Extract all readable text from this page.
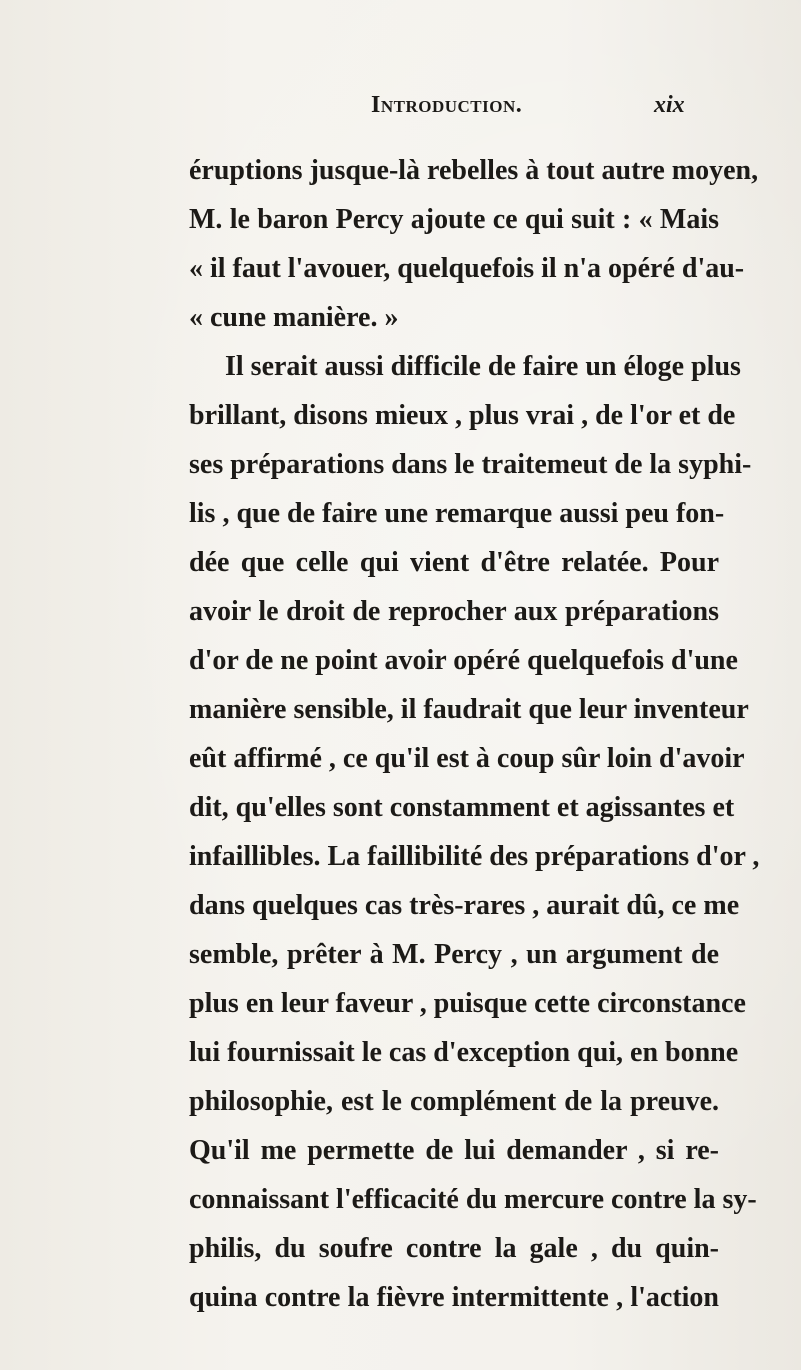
Introduction.	xix
éruptions jusque-là rebelles à tout autre moyen,
M. le baron Percy ajoute ce qui suit : « Mais
« il faut l'avouer, quelquefois il n'a opéré d'au-
« cune manière. »
Il serait aussi difficile de faire un éloge plus
brillant, disons mieux , plus vrai , de l'or et de
ses préparations dans le traitemeut de la syphi-
lis , que de faire une remarque aussi peu fon-
dée que celle qui vient d'être relatée. Pour
avoir le droit de reprocher aux préparations
d'or de ne point avoir opéré quelquefois d'une
manière sensible, il faudrait que leur inventeur
eût affirmé , ce qu'il est à coup sûr loin d'avoir
dit, qu'elles sont constamment et agissantes et
infaillibles. La faillibilité des préparations d'or ,
dans quelques cas très-rares , aurait dû, ce me
semble, prêter à M. Percy , un argument de
plus en leur faveur , puisque cette circonstance
lui fournissait le cas d'exception qui, en bonne
philosophie, est le complément de la preuve.
Qu'il me permette de lui demander , si re-
connaissant l'efficacité du mercure contre la sy-
philis, du soufre contre la gale , du quin-
quina contre la fièvre intermittente , l'action
